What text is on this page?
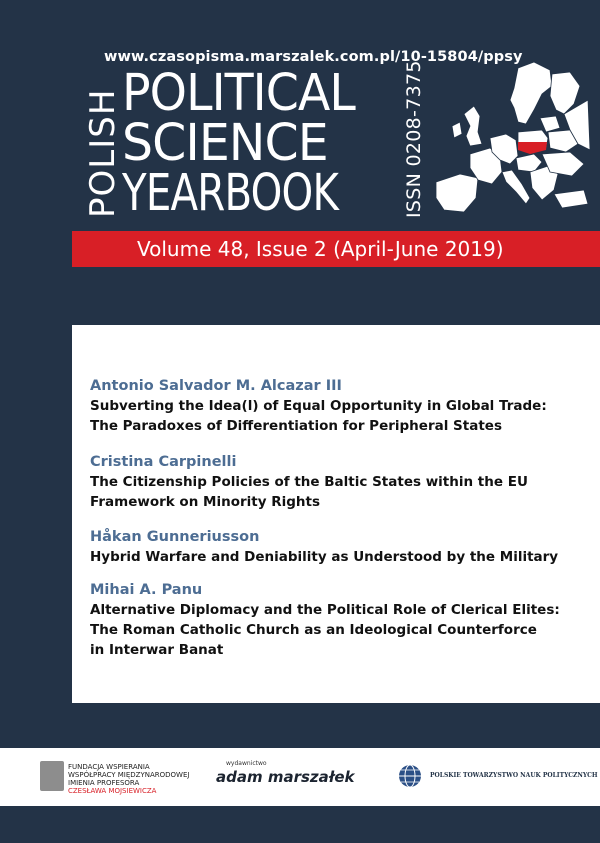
www.czasopisma.marszalek.com.pl/10-15804/ppsy
POLISH POLITICAL
SCIENCE
YEARBOOK	ISSN 0208-7375
Volume 48, Issue 2 (April-June 2019)
Antonio Salvador M. Alcazar III
Subverting the Idea(l) of Equal Opportunity in Global Trade:
The Paradoxes of Differentiation for Peripheral States
Cristina Carpinelli
The Citizenship Policies of the Baltic States within the EU
Framework on Minority Rights
Håkan Gunneriusson
Hybrid Warfare and Deniability as Understood by the Military
Mihai A. Panu
Alternative Diplomacy and the Political Role of Clerical Elites:
The Roman Catholic Church as an Ideological Counterforce
in Interwar Banat
FUNDACJA WSPIERANIA
WSPÓŁPRACY MIĘDZYNARODOWEJ
IMIENIA PROFESORA
CZESŁAWA MOJSIEWICZA
wydawnictwo
adam marszałek	POLSKIE TOWARZYSTWO NAUK POLITYCZNYCH
